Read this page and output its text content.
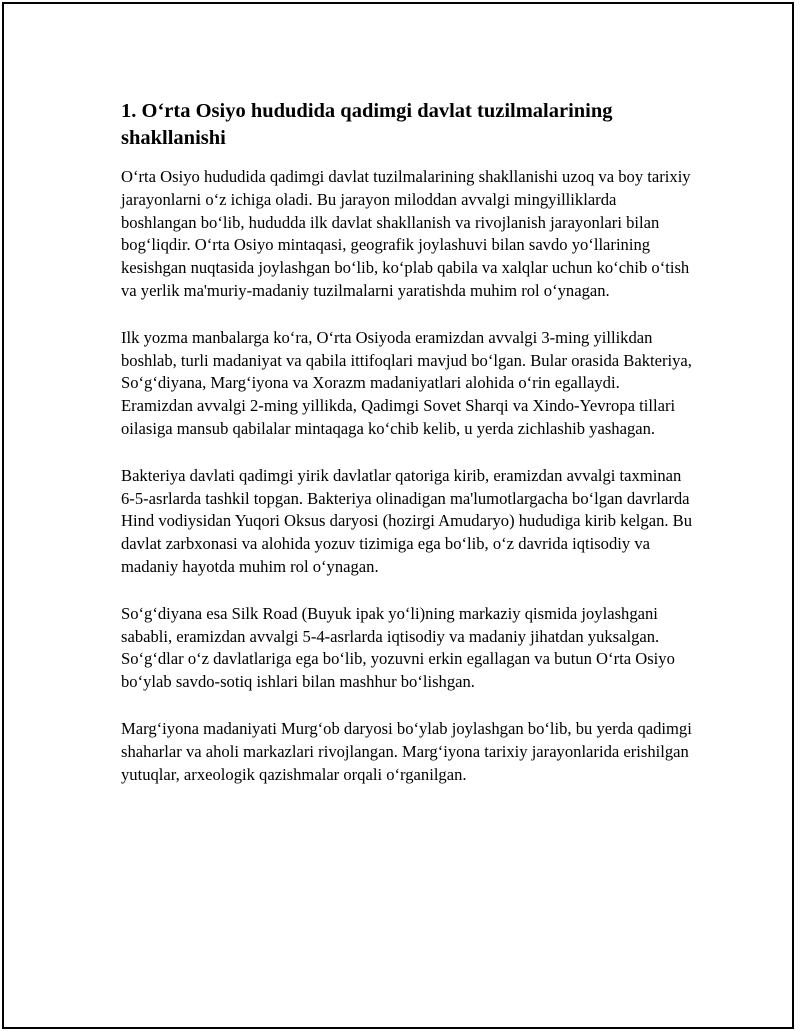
1. O‘rta Osiyo hududida qadimgi davlat tuzilmalarining shakllanishi

O‘rta Osiyo hududida qadimgi davlat tuzilmalarining shakllanishi uzoq va boy tarixiy jarayonlarni o‘z ichiga oladi. Bu jarayon miloddan avvalgi mingyilliklarda boshlangan bo‘lib, hududda ilk davlat shakllanish va rivojlanish jarayonlari bilan bog‘liqdir. O‘rta Osiyo mintaqasi, geografik joylashuvi bilan savdo yo‘llarining kesishgan nuqtasida joylashgan bo‘lib, ko‘plab qabila va xalqlar uchun ko‘chib o‘tish va yerlik ma'muriy-madaniy tuzilmalarni yaratishda muhim rol o‘ynagan.

Ilk yozma manbalarga ko‘ra, O‘rta Osiyoda eramizdan avvalgi 3-ming yillikdan boshlab, turli madaniyat va qabila ittifoqlari mavjud bo‘lgan. Bular orasida Bakteriya, So‘g‘diyana, Marg‘iyona va Xorazm madaniyatlari alohida o‘rin egallaydi. Eramizdan avvalgi 2-ming yillikda, Qadimgi Sovet Sharqi va Xindo-Yevropa tillari oilasiga mansub qabilalar mintaqaga ko‘chib kelib, u yerda zichlashib yashagan.

Bakteriya davlati qadimgi yirik davlatlar qatoriga kirib, eramizdan avvalgi taxminan 6-5-asrlarda tashkil topgan. Bakteriya olinadigan ma'lumotlargacha bo‘lgan davrlarda Hind vodiysidan Yuqori Oksus daryosi (hozirgi Amudaryo) hududiga kirib kelgan. Bu davlat zarbxonasi va alohida yozuv tizimiga ega bo‘lib, o‘z davrida iqtisodiy va madaniy hayotda muhim rol o‘ynagan.

So‘g‘diyana esa Silk Road (Buyuk ipak yo‘li)ning markaziy qismida joylashgani sababli, eramizdan avvalgi 5-4-asrlarda iqtisodiy va madaniy jihatdan yuksalgan. So‘g‘dlar o‘z davlatlariga ega bo‘lib, yozuvni erkin egallagan va butun O‘rta Osiyo bo‘ylab savdo-sotiq ishlari bilan mashhur bo‘lishgan.

Marg‘iyona madaniyati Murg‘ob daryosi bo‘ylab joylashgan bo‘lib, bu yerda qadimgi shaharlar va aholi markazlari rivojlangan. Marg‘iyona tarixiy jarayonlarida erishilgan yutuqlar, arxeologik qazishmalar orqali o‘rganilgan.
